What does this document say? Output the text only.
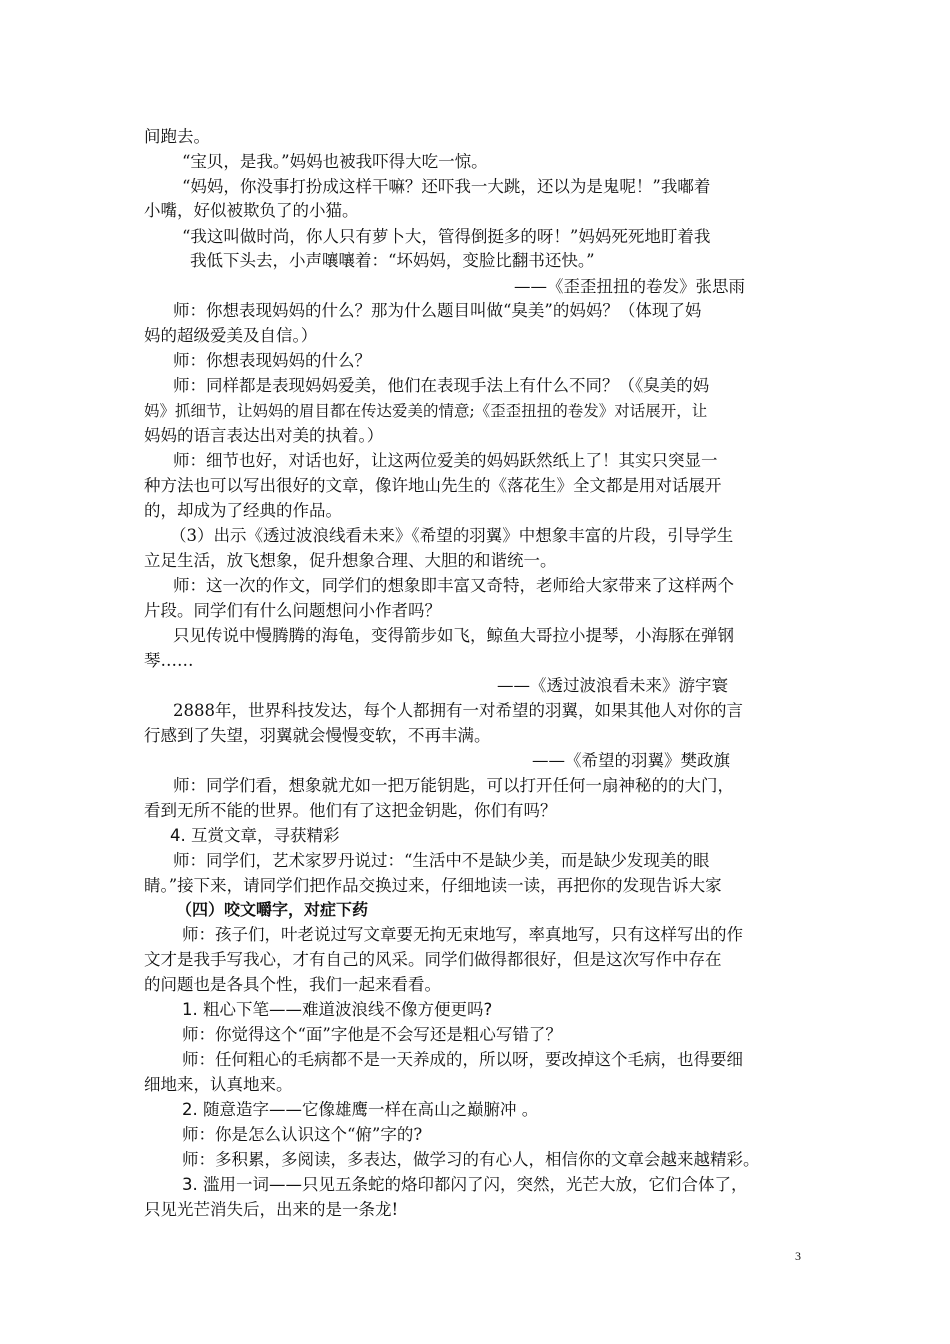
间跑去。
“宝贝，是我。”妈妈也被我吓得大吃一惊。
“妈妈，你没事打扮成这样干嘛？还吓我一大跳，还以为是鬼呢！”我嘟着
小嘴，好似被欺负了的小猫。
“我这叫做时尚，你人只有萝卜大，管得倒挺多的呀！”妈妈死死地盯着我
我低下头去，小声嚷嚷着：“坏妈妈，变脸比翻书还快。”
——《歪歪扭扭的卷发》张思雨
师：你想表现妈妈的什么？那为什么题目叫做“臭美”的妈妈？（体现了妈
妈的超级爱美及自信。）
师：你想表现妈妈的什么？
师：同样都是表现妈妈爱美，他们在表现手法上有什么不同？（《臭美的妈
妈》抓细节，让妈妈的眉目都在传达爱美的情意;《歪歪扭扭的卷发》对话展开，让
妈妈的语言表达出对美的执着。）
师：细节也好，对话也好，让这两位爱美的妈妈跃然纸上了！其实只突显一
种方法也可以写出很好的文章，像许地山先生的《落花生》全文都是用对话展开
的，却成为了经典的作品。
（3）出示《透过波浪线看未来》《希望的羽翼》中想象丰富的片段，引导学生
立足生活，放飞想象，促升想象合理、大胆的和谐统一。
师：这一次的作文，同学们的想象即丰富又奇特，老师给大家带来了这样两个
片段。同学们有什么问题想问小作者吗？
只见传说中慢腾腾的海龟，变得箭步如飞，鲸鱼大哥拉小提琴，小海豚在弹钢
琴……
——《透过波浪看未来》游宇寰
2888年，世界科技发达，每个人都拥有一对希望的羽翼，如果其他人对你的言
行感到了失望，羽翼就会慢慢变软，不再丰满。
——《希望的羽翼》樊政旗
师：同学们看，想象就尤如一把万能钥匙，可以打开任何一扇神秘的的大门，
看到无所不能的世界。他们有了这把金钥匙，你们有吗？
4. 互赏文章，寻获精彩
师：同学们，艺术家罗丹说过：“生活中不是缺少美，而是缺少发现美的眼
睛。”接下来，请同学们把作品交换过来，仔细地读一读，再把你的发现告诉大家
（四）咬文嚼字，对症下药
师：孩子们，叶老说过写文章要无拘无束地写，率真地写，只有这样写出的作
文才是我手写我心，才有自己的风采。同学们做得都很好，但是这次写作中存在
的问题也是各具个性，我们一起来看看。
1. 粗心下笔——难道波浪线不像方便更吗?
师：你觉得这个“面”字他是不会写还是粗心写错了？
师：任何粗心的毛病都不是一天养成的，所以呀，要改掉这个毛病，也得要细
细地来，认真地来。
2. 随意造字——它像雄鹰一样在高山之巅腑冲 。
师：你是怎么认识这个“俯”字的?
师：多积累，多阅读，多表达，做学习的有心人，相信你的文章会越来越精彩。
3. 滥用一词——只见五条蛇的烙印都闪了闪，突然，光芒大放，它们合体了，
只见光芒消失后，出来的是一条龙!
3
